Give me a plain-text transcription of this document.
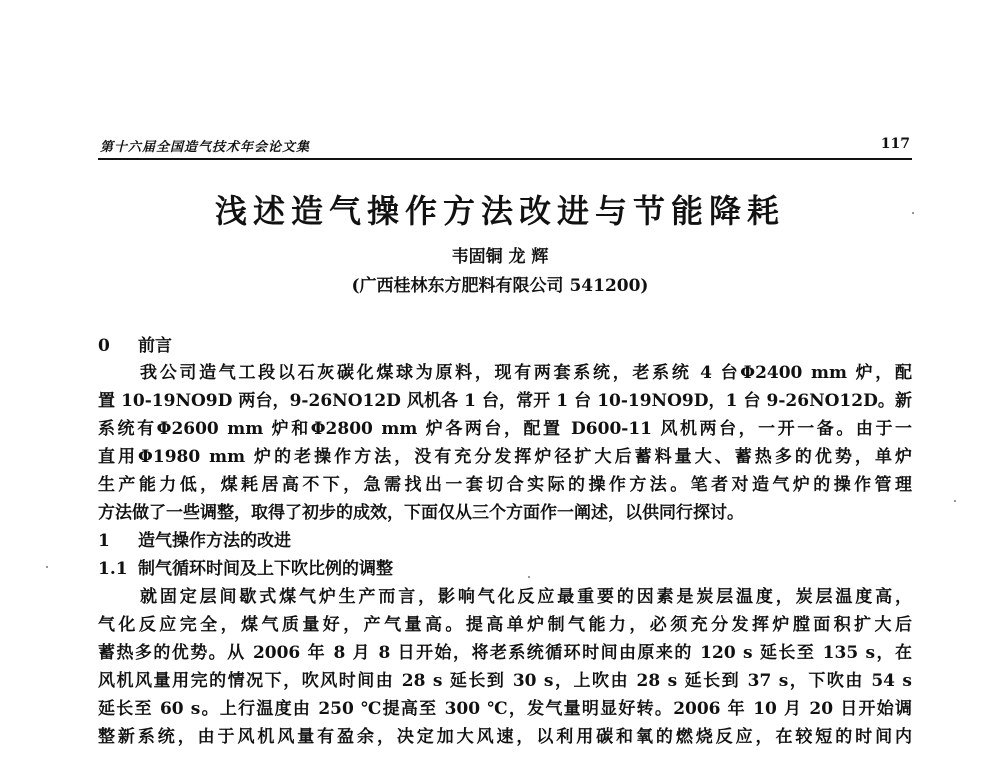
第十六届全国造气技术年会论文集	117
浅述造气操作方法改进与节能降耗
韦固铜 龙 辉
(广西桂林东方肥料有限公司 541200)
0 前言
我公司造气工段以石灰碳化煤球为原料，现有两套系统，老系统 4 台Φ2400 mm 炉，配
置 10-19NO9D 两台，9-26NO12D 风机各 1 台，常开 1 台 10-19NO9D，1 台 9-26NO12D。新
系统有Φ2600 mm 炉和Φ2800 mm 炉各两台，配置 D600-11 风机两台，一开一备。由于一
直用Φ1980 mm 炉的老操作方法，没有充分发挥炉径扩大后蓄料量大、蓄热多的优势，单炉
生产能力低，煤耗居高不下，急需找出一套切合实际的操作方法。笔者对造气炉的操作管理
方法做了一些调整，取得了初步的成效，下面仅从三个方面作一阐述，以供同行探讨。
1 造气操作方法的改进
1.1 制气循环时间及上下吹比例的调整
就固定层间歇式煤气炉生产而言，影响气化反应最重要的因素是炭层温度，炭层温度高，
气化反应完全，煤气质量好，产气量高。提高单炉制气能力，必须充分发挥炉膛面积扩大后
蓄热多的优势。从 2006 年 8 月 8 日开始，将老系统循环时间由原来的 120 s 延长至 135 s，在
风机风量用完的情况下，吹风时间由 28 s 延长到 30 s，上吹由 28 s 延长到 37 s，下吹由 54 s
延长至 60 s。上行温度由 250 ℃提高至 300 ℃，发气量明显好转。2006 年 10 月 20 日开始调
整新系统，由于风机风量有盈余，决定加大风速，以利用碳和氧的燃烧反应，在较短的时间内
